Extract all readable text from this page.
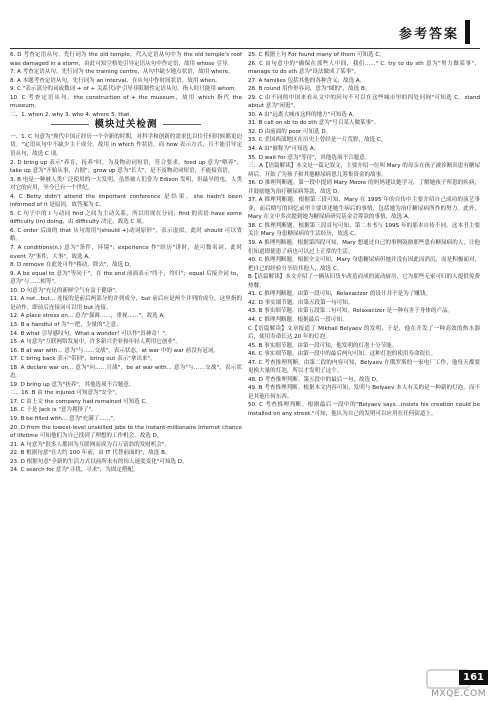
参考答案

6. D 考查定语从句。先行词为 the old temple，代入定语从句中为 the old temple's roof was damaged in a storm，由此可知空格处引导定语从句中作定语，故用 whose 引导。

7. A 考查定语从句。先行词为 the training centre，从句中缺少地点状语，故用 where。

8. A 本题考查定语从句。先行词为 an interval，在从句中作时间状语，故用 when。

9. C "表示部分的词或数词 + of + 关系代词"引导非限制性定语从句，指人时只能用 whom。

10. C 考查定语从句。the construction of + the museum，故用 which 指代 the museum。

二、1. when 2. why 3. who 4. where 5. that

模块过关检测

一、1. C 句意为"现代中国正经历一个全新的时期，对科学和创新的需求比以往任何时候都更迫切。"定语从句中不缺少主干成分，故用 in which 作状语，而 how 表示方式，且不能引导定语从句，故选 C 项。

2. D bring up 表示"养育，抚养"时，为及物动词短语，符合要求。feed up 意为"喂养"；take up 意为"开始从事，占据"；grow up 意为"长大"，是不及物动词短语，不能接宾语。

3. B 电是一种被人类广泛使用的一大发明，虽然被人们誉为 Edison 发明，但最早的电，人类对它的应用，至今已有一个世纪。

4. C Betty didn't attend the important conference 是结果，she hadn't been informed of it 是原因，故答案为 C。

5. C 句子中的 I 与动词 find 之间为主动关系，所以用现在分词；find 的宾语 have some difficulty (in) doing，由 difficulty 决定，故选 C 项。

6. C order 后面的 that 从句需用"(should +)动词原形"，表示虚拟，此时 should 可以省略。

7. A conditions(n.) 意为"条件，环境"；experience 作"经历"讲时，是可数名词，此时 event 为"事件，大事"，故选 A。

8. D remove 在此处可作"移动，除去"，故选 D。

9. A be equal to 意为"等同于"，在 the end 前面表示"终于，终归"；equal 后接介词 to，意为"与……相等"。

10. D 句意为"充足的新鲜空气有益于健康"。

11. A not...but... 连接的是前后两部分的并列成分，but 前后应是两个并列的成分，这里指的是动作，即前后连接词可以用 but 连接。

12. A place stress on... 意为"强调……，重视……"，故选 A。

13. B a handful of 为"一把，少量的"之意。

14. B what 引导感叹句，What a wonder! 可以作"真神奇！"。

15. A 句意为"互联网络发展中，许多新兴企业和年轻人利用它创业"。

16. B at war with... 意为"与……交战"，表示状态，at war 中的 war 前没有冠词。

17. C bring back 表示"带回"，bring out 表示"拿出来"。

18. A declare war on... 意为"向……宣战"，be at war with... 意为"与……交战"，表示状态。

19. D bring up 意为"抚养"，其他选项不合题意。

二、16. B 由 the injured 可知意为"安全"。

17. C 由上文 the company had remained 可知选 C。

18. C 于是 Jack is "意为拥挤了"。

19. B be filled with... 意为"充满了……"。

20. D from the lowest-level unskilled jobs to the instant-millionaire Internet chance of lifetime 可知他们为自己找到了理想的工作机会，故选 D。

21. A 句意为"很多人都因为互联网而成为百万富翁的发财机会"。

22. B 根据句意"在大约 100 年前，由 IT 代替前面的"，故选 B。

23. D 根据句意"全新的生活方式以前所未有的惊人速度变化"可知选 D。

24. C search for 意为"寻找，寻求"，为固定搭配。

25. C 根据上句 For found many of them 可知选 C。

26. C 由句意中的"确保在那些人中间，我们......" C. try to do sth 意为"努力做某事"，manage to do sth 意为"设法做成了某事"。

27. A families 包括其他的各种含义，故选 A。

28. B round 用作形容词，意为"圆的"，故选 B。

29. C 由不同的中国来看从文中的问句不可以在这些城市里的四处问询"可知选 C。stand about 意为"闲逛"。

30. A 由"远离大城市这样的地方"可知选 A。

31. B call on sb to do sth 意为"号召某人做某事"。

32. D 由前面的 poor 可知选 D。

33. C 美国西部地区在历史上曾经是一片荒野，故选 C。

34. A 由"被称为"可知选 A。

35. D wait for 意为"等待"，其他选项不合题意。

三、A【语篇解读】本文是一篇记叙文，主要介绍一位叫 Mary 的母亲在孩子被诊断出患有糖尿病后，开始了为孩子和其他糖尿病患儿筹集资金的故事。

36. D 推理判断题。第一段中提到 Mary Moore 的妈妈建议她学习，了解她孩子所患的疾病，并鼓励她为治疗糖尿病筹款，故选 D。

37. A 推理判断题。根据第三段可知，Mary 在 1995 年的自传中主要介绍自己成功的演艺事业，而后期写的回忆录里主要讲述她生病后的事情，包括她为治疗糖尿病所作的努力。此外，Mary 在文中多次提到她为糖尿病研究基金会筹款的事情，故选 A。

38. C 推理判断题。根据第三段首句可知，第二本书与 1995 年的那本自传不同，这本书主要关注 Mary 身患糖尿病的生活经历，故选 C。

39. A 推理判断题。根据第四段可知，Mary 想通过自己的事例鼓励那些患有糖尿病的人，让他们知道即使患了病也可以过上正常的生活。

40. C 推理判断题。根据全文可知，Mary 身患糖尿病但她并没有因此而消沉，而是积极面对，把自己的经验分享给其他人，故选 C。

B【语篇解读】本文介绍了一辆从旧货车改造而成的流动厨房，它为那些无家可归的人提供免费热餐。

41. C 推理判断题。由第一段可知，Relaxacizer 的设计并不是为了赚钱。

42. D 事实细节题。由第五段第一句可知。

43. B 事实细节题。由第五段第二句可知，Relaxacizer 是一种有害于身体的产品。

44. C 推理判断题。根据最后一段可知。

C【语篇解读】文章报道了 Mikhail Belyaev 的发明，于是，他在开发了一种高效的热水器后，使用寿命长达 20 年的灯泡。

45. B 事实细节题。由第一段可知，他发明的灯泡十分节能。

46. C 事实细节题。由第一段中的最后两句可知，这种灯泡的使用寿命很长。

47. C 考查推理判断。由第二段的内容可知，Belyaev 在俄罗斯的一家电厂工作，他每天都要更换大量的灯泡，所以才发明了这个。

48. D 考查推理判断。第五段中的最后一句，故选 D。

49. B 考查推理判断。根据本文内容可知，发明与 Belyaev 本人有关的是一种新的灯泡，而不是其他任何东西。

50. C 考查推理判断。根据最后一段中的"Belyaev says...insists his creation could be installed on any street."可知，他认为自己的发明可以应用在任何街道上。

161
MXQE.COM
